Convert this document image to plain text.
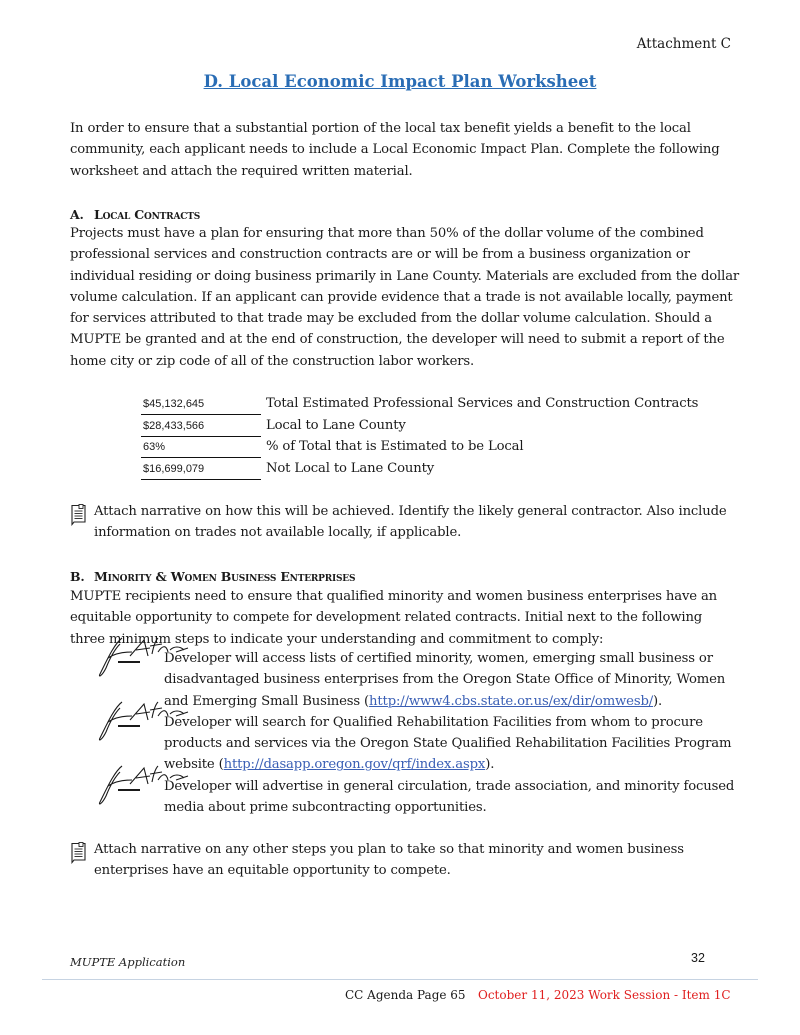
Attachment C
D. Local Economic Impact Plan Worksheet
In order to ensure that a substantial portion of the local tax benefit yields a benefit to the local community, each applicant needs to include a Local Economic Impact Plan. Complete the following worksheet and attach the required written material.
A. Local Contracts
Projects must have a plan for ensuring that more than 50% of the dollar volume of the combined professional services and construction contracts are or will be from a business organization or individual residing or doing business primarily in Lane County. Materials are excluded from the dollar volume calculation. If an applicant can provide evidence that a trade is not available locally, payment for services attributed to that trade may be excluded from the dollar volume calculation. Should a MUPTE be granted and at the end of construction, the developer will need to submit a report of the home city or zip code of all of the construction labor workers.
$45,132,645	Total Estimated Professional Services and Construction Contracts
$28,433,566	Local to Lane County
63%	% of Total that is Estimated to be Local
$16,699,079	Not Local to Lane County
Attach narrative on how this will be achieved. Identify the likely general contractor. Also include information on trades not available locally, if applicable.
B. Minority & Women Business Enterprises
MUPTE recipients need to ensure that qualified minority and women business enterprises have an equitable opportunity to compete for development related contracts. Initial next to the following three minimum steps to indicate your understanding and commitment to comply:
Developer will access lists of certified minority, women, emerging small business or disadvantaged business enterprises from the Oregon State Office of Minority, Women and Emerging Small Business (http://www4.cbs.state.or.us/ex/dir/omwesb/).
Developer will search for Qualified Rehabilitation Facilities from whom to procure products and services via the Oregon State Qualified Rehabilitation Facilities Program website (http://dasapp.oregon.gov/qrf/index.aspx).
Developer will advertise in general circulation, trade association, and minority focused media about prime subcontracting opportunities.
Attach narrative on any other steps you plan to take so that minority and women business enterprises have an equitable opportunity to compete.
MUPTE Application	32
CC Agenda Page 65 October 11, 2023 Work Session - Item 1C
